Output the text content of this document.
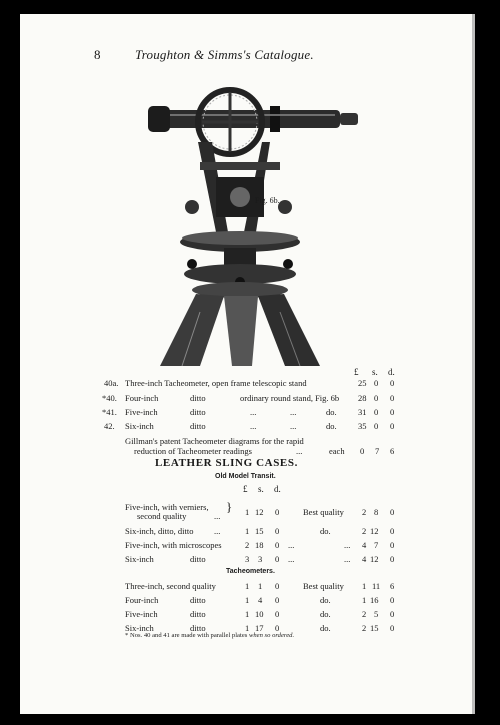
8	Troughton & Simms's Catalogue.
Fig. 6b.
£ s. d.
40a. Three-inch Tacheometer, open frame telescopic stand	25 0 0
*40. Four-inch	ditto	ordinary round stand, Fig. 6b 28 0 0
*41. Five-inch	ditto	...	...	do.	31 0 0
42. Six-inch	ditto	...	...	do.	35 0 0
Gillman's patent Tacheometer diagrams for the rapid
reduction of Tacheometer readings	...	each 0 7 6
LEATHER SLING CASES.
Old Model Transit.
£ s. d.
Five-inch, with verniers,
second quality	...
} 1 12 0	Best quality 2 8 0
Six-inch, ditto, ditto ...	1 15 0	do.	2 12 0
Five-inch, with microscopes	2 18 0 ...	... 4 7 0
Six-inch	ditto	3 3 0 ...	... 4 12 0
Tacheometers.
Three-inch, second quality	1 1 0	Best quality 1 11 6
Four-inch	ditto	1 4 0	do.	1 16 0
Five-inch	ditto	1 10 0	do.	2 5 0
Six-inch	ditto	1 17 0	do.	2 15 0
* Nos. 40 and 41 are made with parallel plates when so ordered.
